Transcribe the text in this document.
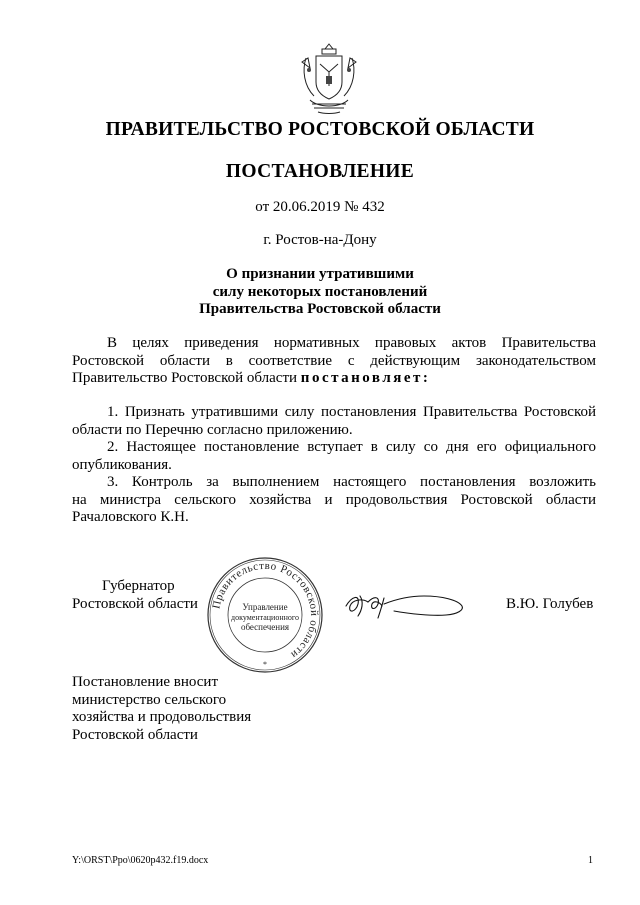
ПРАВИТЕЛЬСТВО РОСТОВСКОЙ ОБЛАСТИ
ПОСТАНОВЛЕНИЕ
от 20.06.2019 № 432
г. Ростов-на-Дону
О признании утратившими
силу некоторых постановлений
Правительства Ростовской области
В целях приведения нормативных правовых актов Правительства
Ростовской области в соответствие с действующим законодательством
Правительство Ростовской области постановляет:
1. Признать утратившими силу постановления Правительства Ростовской
области по Перечню согласно приложению.
2. Настоящее постановление вступает в силу со дня его официального
опубликования.
3. Контроль за выполнением настоящего постановления возложить
на министра сельского хозяйства и продовольствия Ростовской области
Рачаловского К.Н.
Губернатор
Ростовской области Правительство Ростовской области
Управление
документационного
обеспечения
*
В.Ю. Голубев
Постановление вносит
министерство сельского
хозяйства и продовольствия
Ростовской области
Y:\ORST\Ppo\0620p432.f19.docx	1
